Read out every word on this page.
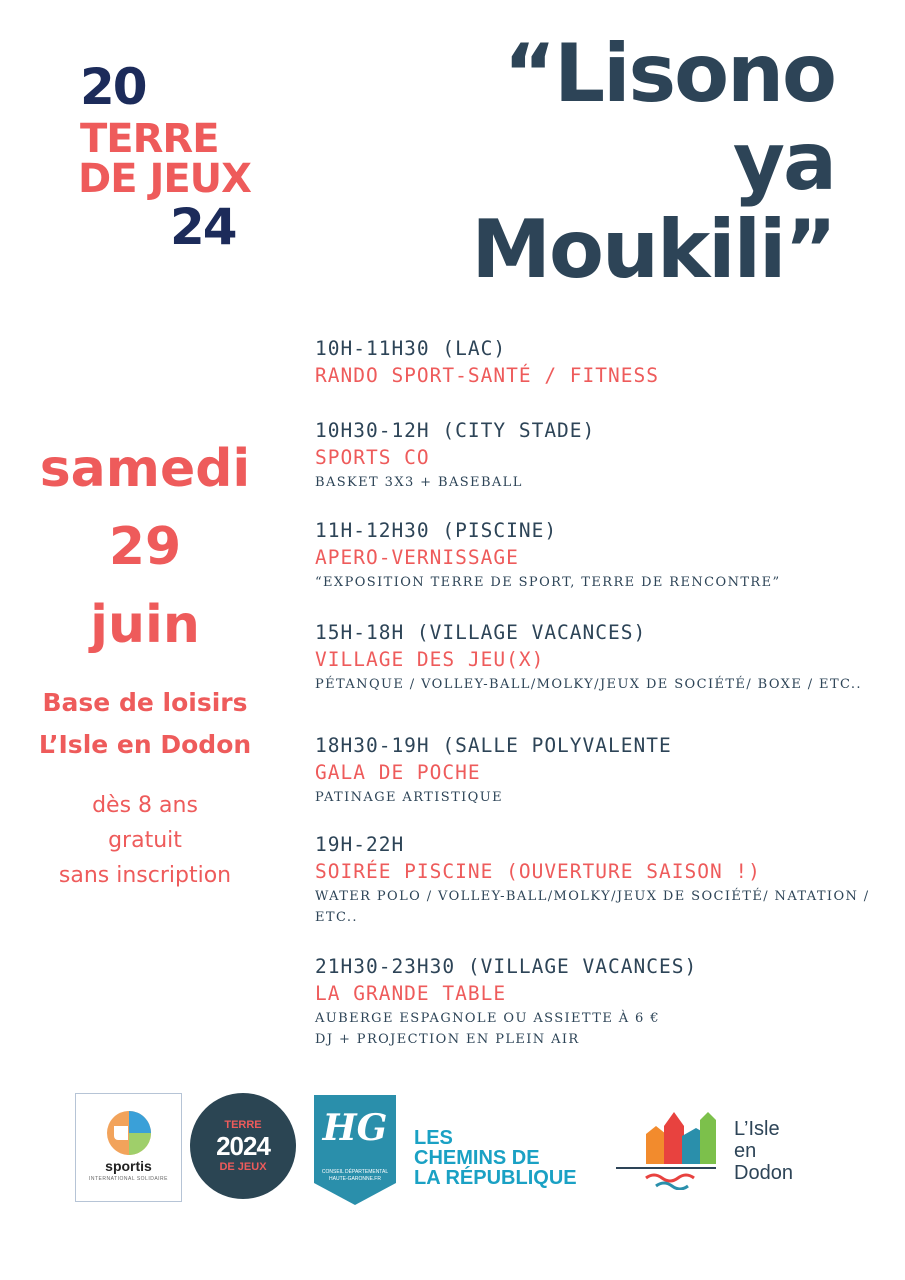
20
TERRE
DE JEUX
24
“Lisono
ya
Moukili”
samedi
29
juin
Base de loisirs
L’Isle en Dodon
dès 8 ans
gratuit
sans inscription
10H-11H30 (LAC)
RANDO SPORT-SANTÉ / FITNESS
10H30-12H (CITY STADE)
SPORTS CO
BASKET 3X3 + BASEBALL
11H-12H30 (PISCINE)
APERO-VERNISSAGE
“EXPOSITION TERRE DE SPORT, TERRE DE RENCONTRE”
15H-18H (VILLAGE VACANCES)
VILLAGE DES JEU(X)
PÉTANQUE / VOLLEY-BALL/MOLKY/JEUX DE SOCIÉTÉ/ BOXE / ETC..
18H30-19H (SALLE POLYVALENTE
GALA DE POCHE
PATINAGE ARTISTIQUE
19H-22H
SOIRÉE PISCINE (OUVERTURE SAISON !)
WATER POLO / VOLLEY-BALL/MOLKY/JEUX DE SOCIÉTÉ/ NATATION / ETC..
21H30-23H30 (VILLAGE VACANCES)
LA GRANDE TABLE
AUBERGE ESPAGNOLE OU ASSIETTE À 6 €
DJ + PROJECTION EN PLEIN AIR
sportis
INTERNATIONAL SOLIDAIRE
TERRE
2024
DE JEUX
HG
CONSEIL DÉPARTEMENTAL
HAUTE-GARONNE.FR
LES
CHEMINS DE
LA RÉPUBLIQUE
L’Isle
en
Dodon
